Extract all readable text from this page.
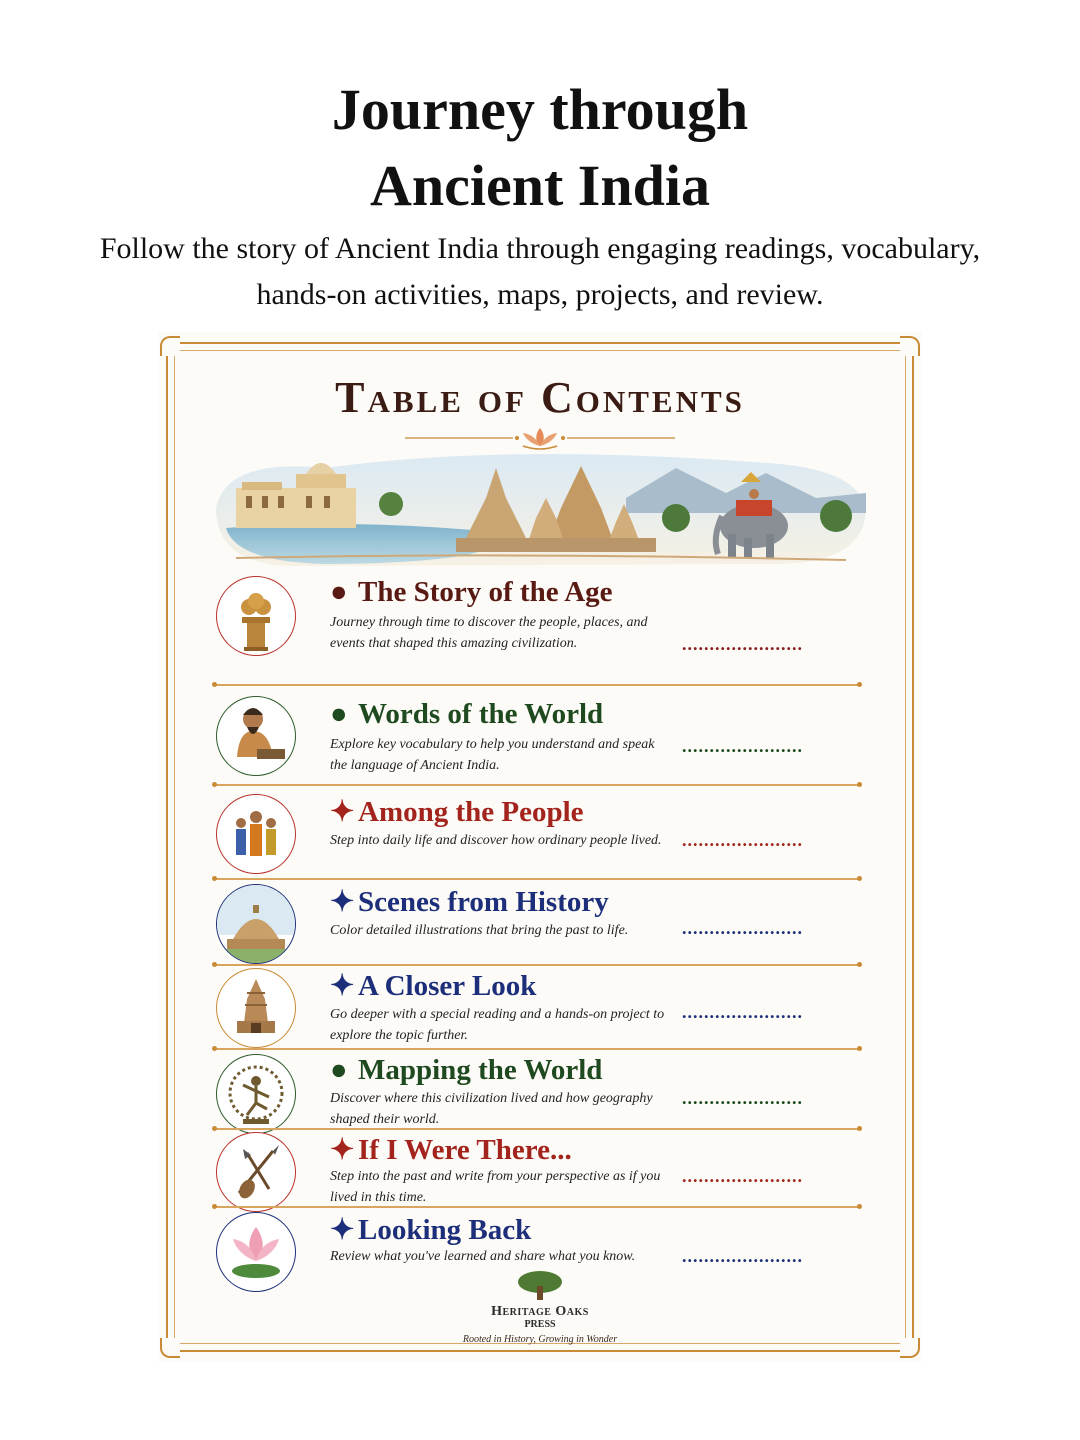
Journey through
Ancient India

Follow the story of Ancient India through engaging readings, vocabulary,
hands-on activities, maps, projects, and review.

Table of Contents
● The Story of the Age
Journey through time to discover the people, places, and events that shaped this amazing civilization.	......................
● Words of the World
Explore key vocabulary to help you understand and speak the language of Ancient India.
......................
✦ Among the People
Step into daily life and discover how ordinary people lived.	......................
✦ Scenes from History
Color detailed illustrations that bring the past to life.	......................
✦ A Closer Look
Go deeper with a special reading and a hands-on project to explore the topic further.
......................
● Mapping the World
Discover where this civilization lived and how geography shaped their world.
......................
✦ If I Were There...
Step into the past and write from your perspective as if you lived in this time.
......................
✦ Looking Back
Review what you've learned and share what you know.	......................
Heritage Oaks
PRESS
Rooted in History, Growing in Wonder
